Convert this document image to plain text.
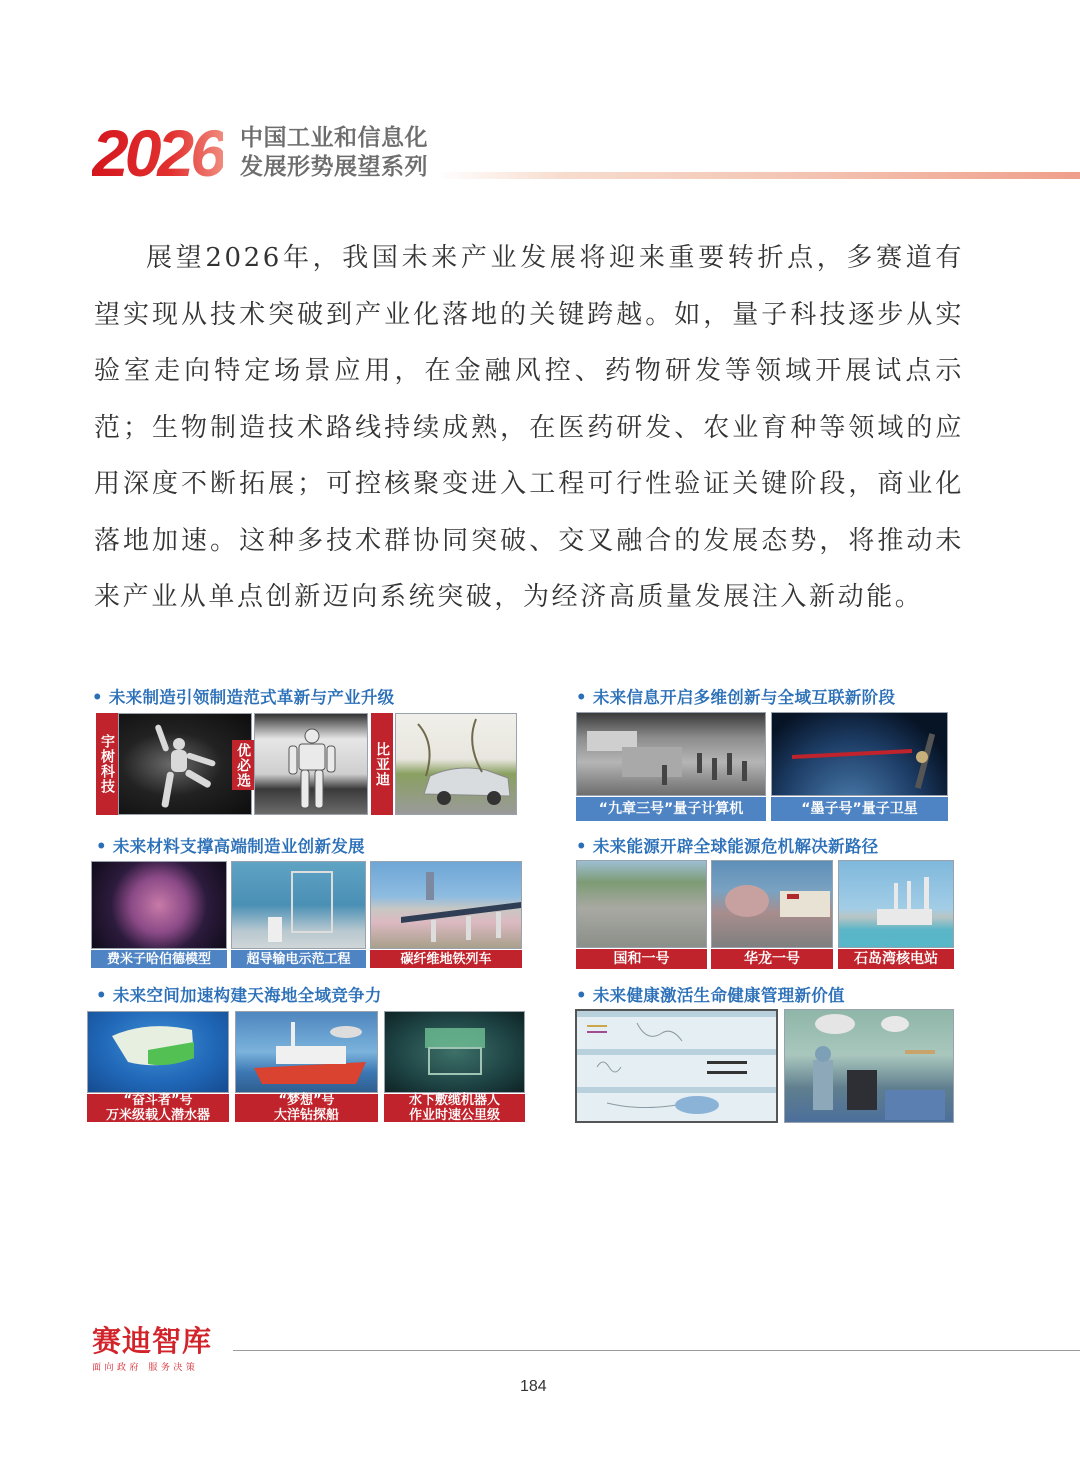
2026 中国工业和信息化
发展形势展望系列
展望2026年，我国未来产业发展将迎来重要转折点，多赛道有望实现从技术突破到产业化落地的关键跨越。如，量子科技逐步从实验室走向特定场景应用，在金融风控、药物研发等领域开展试点示范；生物制造技术路线持续成熟，在医药研发、农业育种等领域的应用深度不断拓展；可控核聚变进入工程可行性验证关键阶段，商业化落地加速。这种多技术群协同突破、交叉融合的发展态势，将推动未来产业从单点创新迈向系统突破，为经济高质量发展注入新动能。
• 未来制造引领制造范式革新与产业升级
宇树科技	优必选	比亚迪
• 未来信息开启多维创新与全域互联新阶段
“九章三号”量子计算机	“墨子号”量子卫星
• 未来材料支撑高端制造业创新发展
费米子哈伯德模型	超导输电示范工程	碳纤维地铁列车
• 未来能源开辟全球能源危机解决新路径
国和一号	华龙一号	石岛湾核电站
• 未来空间加速构建天海地全域竞争力
“奋斗者”号
万米级载人潜水器
“梦想”号
大洋钻探船
水下敷缆机器人
作业时速公里级
• 未来健康激活生命健康管理新价值
赛迪智库
面向政府 服务决策
184
